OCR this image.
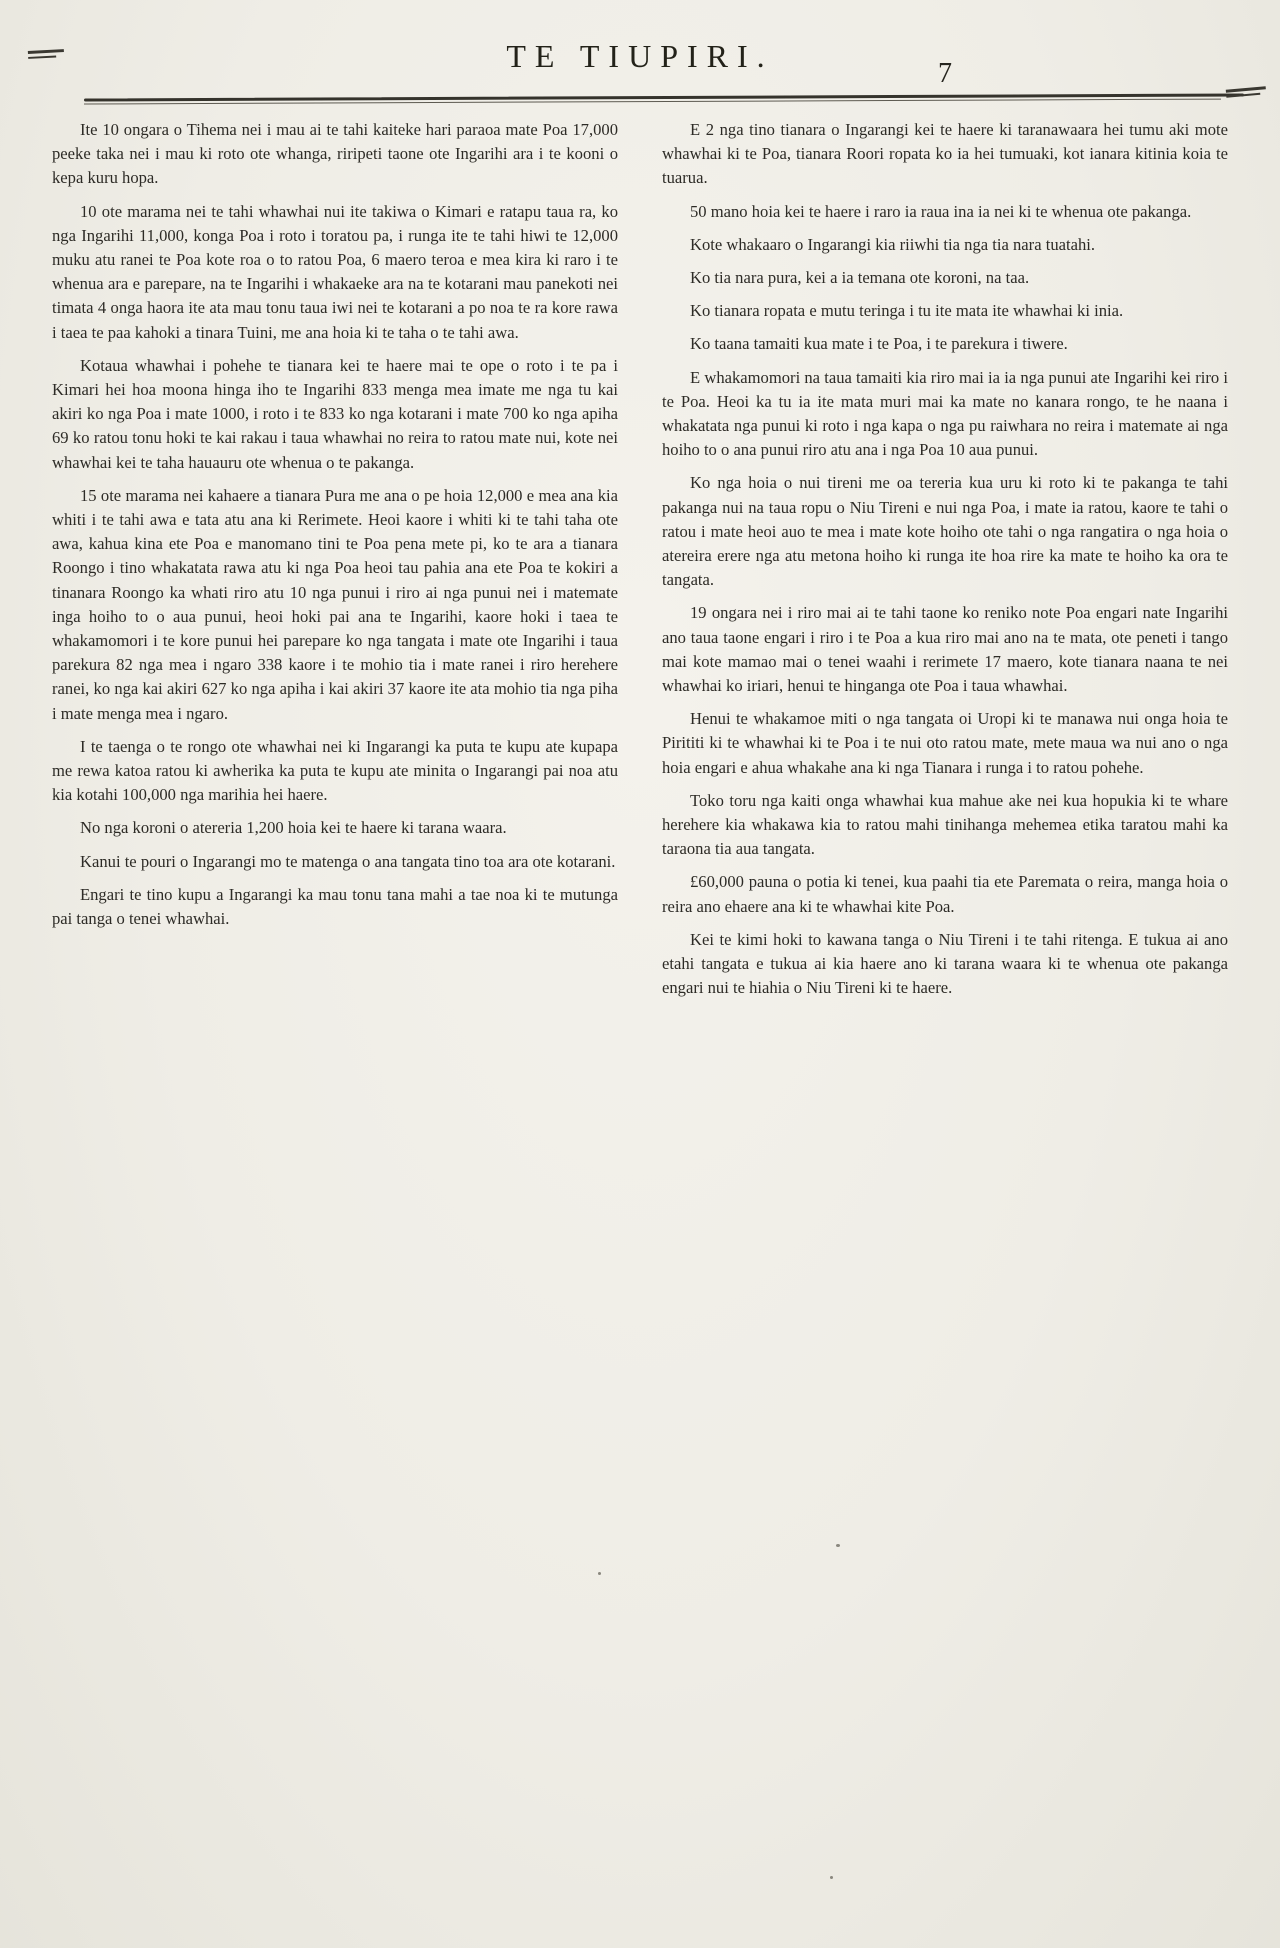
TE TIUPIRI.	7

Ite 10 ongara o Tihema nei i mau ai te tahi kaiteke hari paraoa mate Poa 17,000 peeke taka nei i mau ki roto ote whanga, riripeti taone ote Ingarihi ara i te kooni o kepa kuru hopa.

10 ote marama nei te tahi whawhai nui ite takiwa o Kimari e ratapu taua ra, ko nga Ingarihi 11,000, konga Poa i roto i toratou pa, i runga ite te tahi hiwi te 12,000 muku atu ranei te Poa kote roa o to ratou Poa, 6 maero teroa e mea kira ki raro i te whenua ara e parepare, na te Ingarihi i whakaeke ara na te kotarani mau panekoti nei timata 4 onga haora ite ata mau tonu taua iwi nei te kotarani a po noa te ra kore rawa i taea te paa kahoki a tinara Tuini, me ana hoia ki te taha o te tahi awa.

Kotaua whawhai i pohehe te tianara kei te haere mai te ope o roto i te pa i Kimari hei hoa moona hinga iho te Ingarihi 833 menga mea imate me nga tu kai akiri ko nga Poa i mate 1000, i roto i te 833 ko nga kotarani i mate 700 ko nga apiha 69 ko ratou tonu hoki te kai rakau i taua whawhai no reira to ratou mate nui, kote nei whawhai kei te taha hauauru ote whenua o te pakanga.

15 ote marama nei kahaere a tianara Pura me ana o pe hoia 12,000 e mea ana kia whiti i te tahi awa e tata atu ana ki Rerimete. Heoi kaore i whiti ki te tahi taha ote awa, kahua kina ete Poa e manomano tini te Poa pena mete pi, ko te ara a tianara Roongo i tino whakatata rawa atu ki nga Poa heoi tau pahia ana ete Poa te kokiri a tinanara Roongo ka whati riro atu 10 nga punui i riro ai nga punui nei i matemate inga hoiho to o aua punui, heoi hoki pai ana te Ingarihi, kaore hoki i taea te whakamomori i te kore punui hei parepare ko nga tangata i mate ote Ingarihi i taua parekura 82 nga mea i ngaro 338 kaore i te mohio tia i mate ranei i riro herehere ranei, ko nga kai akiri 627 ko nga apiha i kai akiri 37 kaore ite ata mohio tia nga piha i mate menga mea i ngaro.

I te taenga o te rongo ote whawhai nei ki Ingarangi ka puta te kupu ate kupapa me rewa katoa ratou ki awherika ka puta te kupu ate minita o Ingarangi pai noa atu kia kotahi 100,000 nga marihia hei haere.

No nga koroni o atereria 1,200 hoia kei te haere ki tarana waara.

Kanui te pouri o Ingarangi mo te matenga o ana tangata tino toa ara ote kotarani.

Engari te tino kupu a Ingarangi ka mau tonu tana mahi a tae noa ki te mutunga pai tanga o tenei whawhai.

E 2 nga tino tianara o Ingarangi kei te haere ki taranawaara hei tumu aki mote whawhai ki te Poa, tianara Roori ropata ko ia hei tumuaki, kot ianara kitinia koia te tuarua.

50 mano hoia kei te haere i raro ia raua ina ia nei ki te whenua ote pakanga.

Kote whakaaro o Ingarangi kia riiwhi tia nga tia nara tuatahi.

Ko tia nara pura, kei a ia temana ote koroni, na taa.

Ko tianara ropata e mutu teringa i tu ite mata ite whawhai ki inia.

Ko taana tamaiti kua mate i te Poa, i te parekura i tiwere.

E whakamomori na taua tamaiti kia riro mai ia ia nga punui ate Ingarihi kei riro i te Poa. Heoi ka tu ia ite mata muri mai ka mate no kanara rongo, te he naana i whakatata nga punui ki roto i nga kapa o nga pu raiwhara no reira i matemate ai nga hoiho to o ana punui riro atu ana i nga Poa 10 aua punui.

Ko nga hoia o nui tireni me oa tereria kua uru ki roto ki te pakanga te tahi pakanga nui na taua ropu o Niu Tireni e nui nga Poa, i mate ia ratou, kaore te tahi o ratou i mate heoi auo te mea i mate kote hoiho ote tahi o nga rangatira o nga hoia o atereira erere nga atu metona hoiho ki runga ite hoa rire ka mate te hoiho ka ora te tangata.

19 ongara nei i riro mai ai te tahi taone ko reniko note Poa engari nate Ingarihi ano taua taone engari i riro i te Poa a kua riro mai ano na te mata, ote peneti i tango mai kote mamao mai o tenei waahi i rerimete 17 maero, kote tianara naana te nei whawhai ko iriari, henui te hinganga ote Poa i taua whawhai.

Henui te whakamoe miti o nga tangata oi Uropi ki te manawa nui onga hoia te Pirititi ki te whawhai ki te Poa i te nui oto ratou mate, mete maua wa nui ano o nga hoia engari e ahua whakahe ana ki nga Tianara i runga i to ratou pohehe.

Toko toru nga kaiti onga whawhai kua mahue ake nei kua hopukia ki te whare herehere kia whakawa kia to ratou mahi tinihanga mehemea etika taratou mahi ka taraona tia aua tangata.

£60,000 pauna o potia ki tenei, kua paahi tia ete Paremata o reira, manga hoia o reira ano ehaere ana ki te whawhai kite Poa.

Kei te kimi hoki to kawana tanga o Niu Tireni i te tahi ritenga. E tukua ai ano etahi tangata e tukua ai kia haere ano ki tarana waara ki te whenua ote pakanga engari nui te hiahia o Niu Tireni ki te haere.
